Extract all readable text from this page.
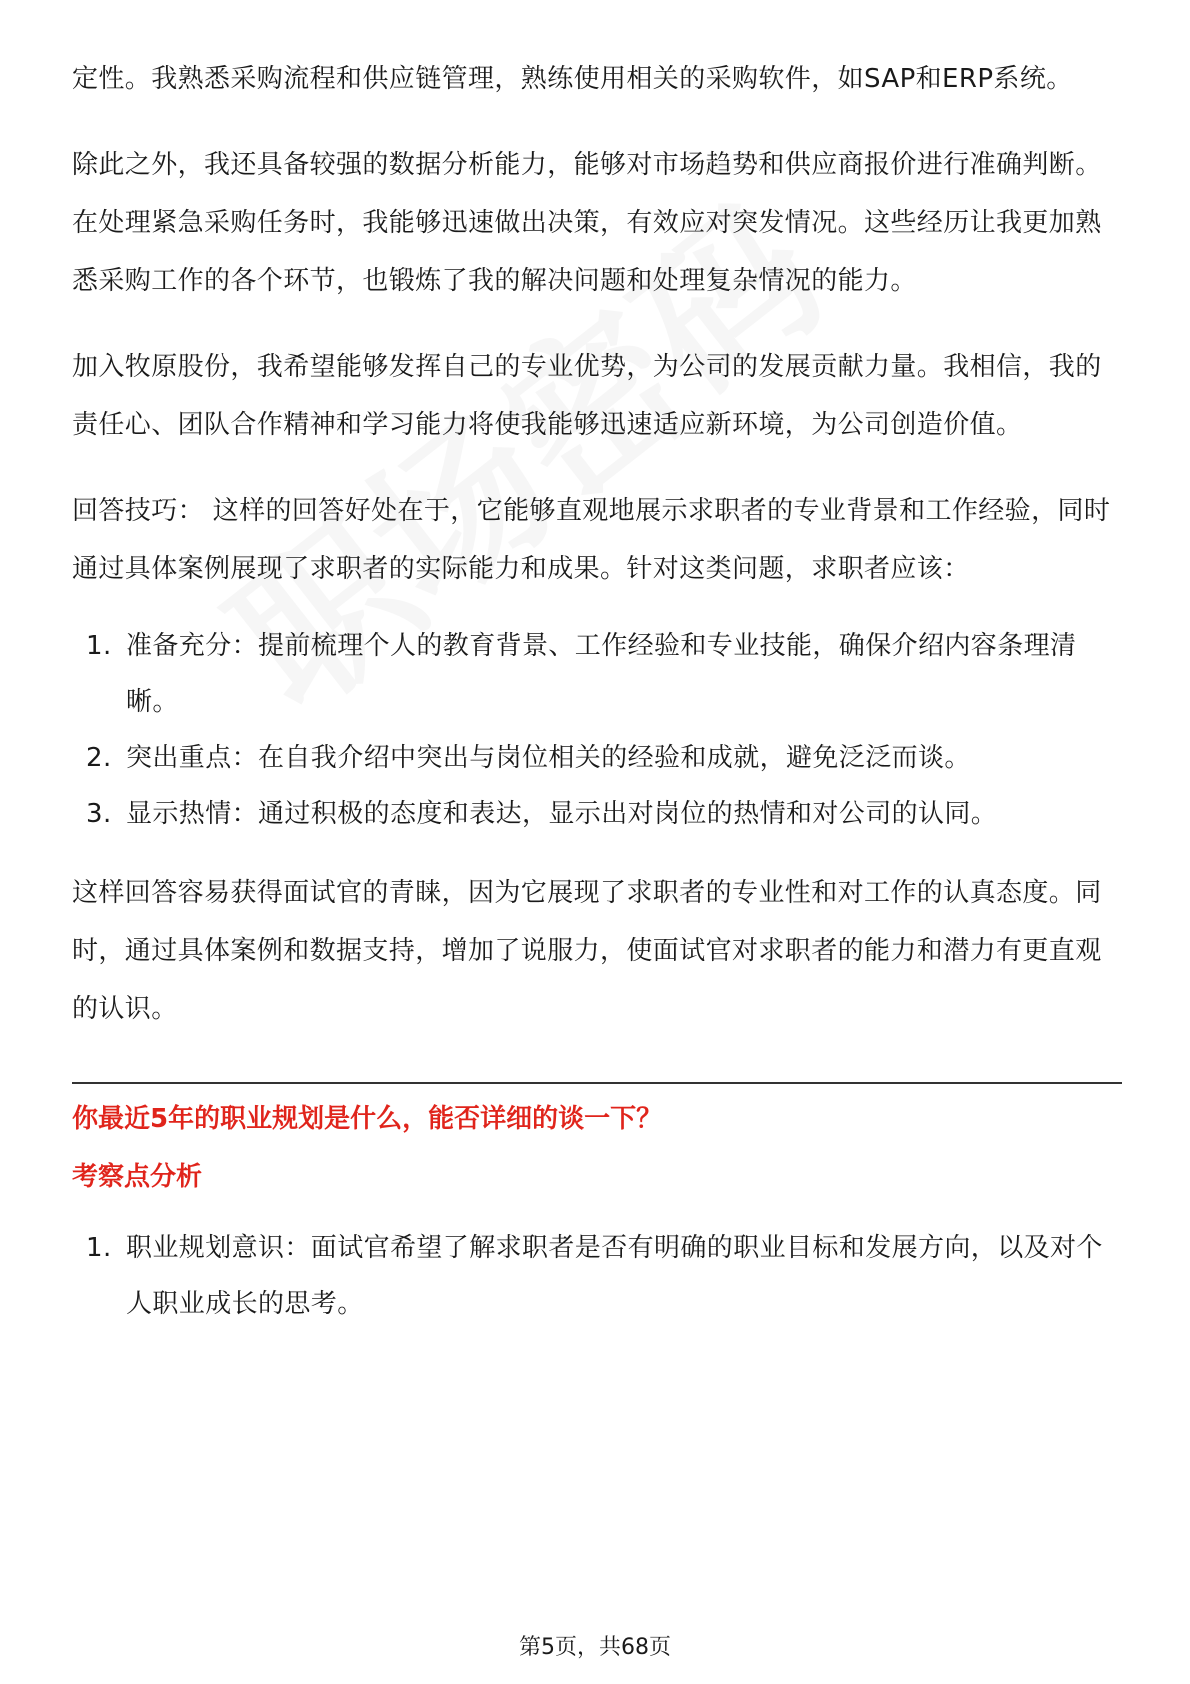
定性。我熟悉采购流程和供应链管理，熟练使用相关的采购软件，如SAP和ERP系统。

除此之外，我还具备较强的数据分析能力，能够对市场趋势和供应商报价进行准确判断。在处理紧急采购任务时，我能够迅速做出决策，有效应对突发情况。这些经历让我更加熟悉采购工作的各个环节，也锻炼了我的解决问题和处理复杂情况的能力。

加入牧原股份，我希望能够发挥自己的专业优势，为公司的发展贡献力量。我相信，我的责任心、团队合作精神和学习能力将使我能够迅速适应新环境，为公司创造价值。

回答技巧： 这样的回答好处在于，它能够直观地展示求职者的专业背景和工作经验，同时通过具体案例展现了求职者的实际能力和成果。针对这类问题，求职者应该：

1. 准备充分：提前梳理个人的教育背景、工作经验和专业技能，确保介绍内容条理清晰。
2. 突出重点：在自我介绍中突出与岗位相关的经验和成就，避免泛泛而谈。
3. 显示热情：通过积极的态度和表达，显示出对岗位的热情和对公司的认同。

这样回答容易获得面试官的青睐，因为它展现了求职者的专业性和对工作的认真态度。同时，通过具体案例和数据支持，增加了说服力，使面试官对求职者的能力和潜力有更直观的认识。

你最近5年的职业规划是什么，能否详细的谈一下？

考察点分析

1. 职业规划意识：面试官希望了解求职者是否有明确的职业目标和发展方向，以及对个人职业成长的思考。
第5页，共68页
